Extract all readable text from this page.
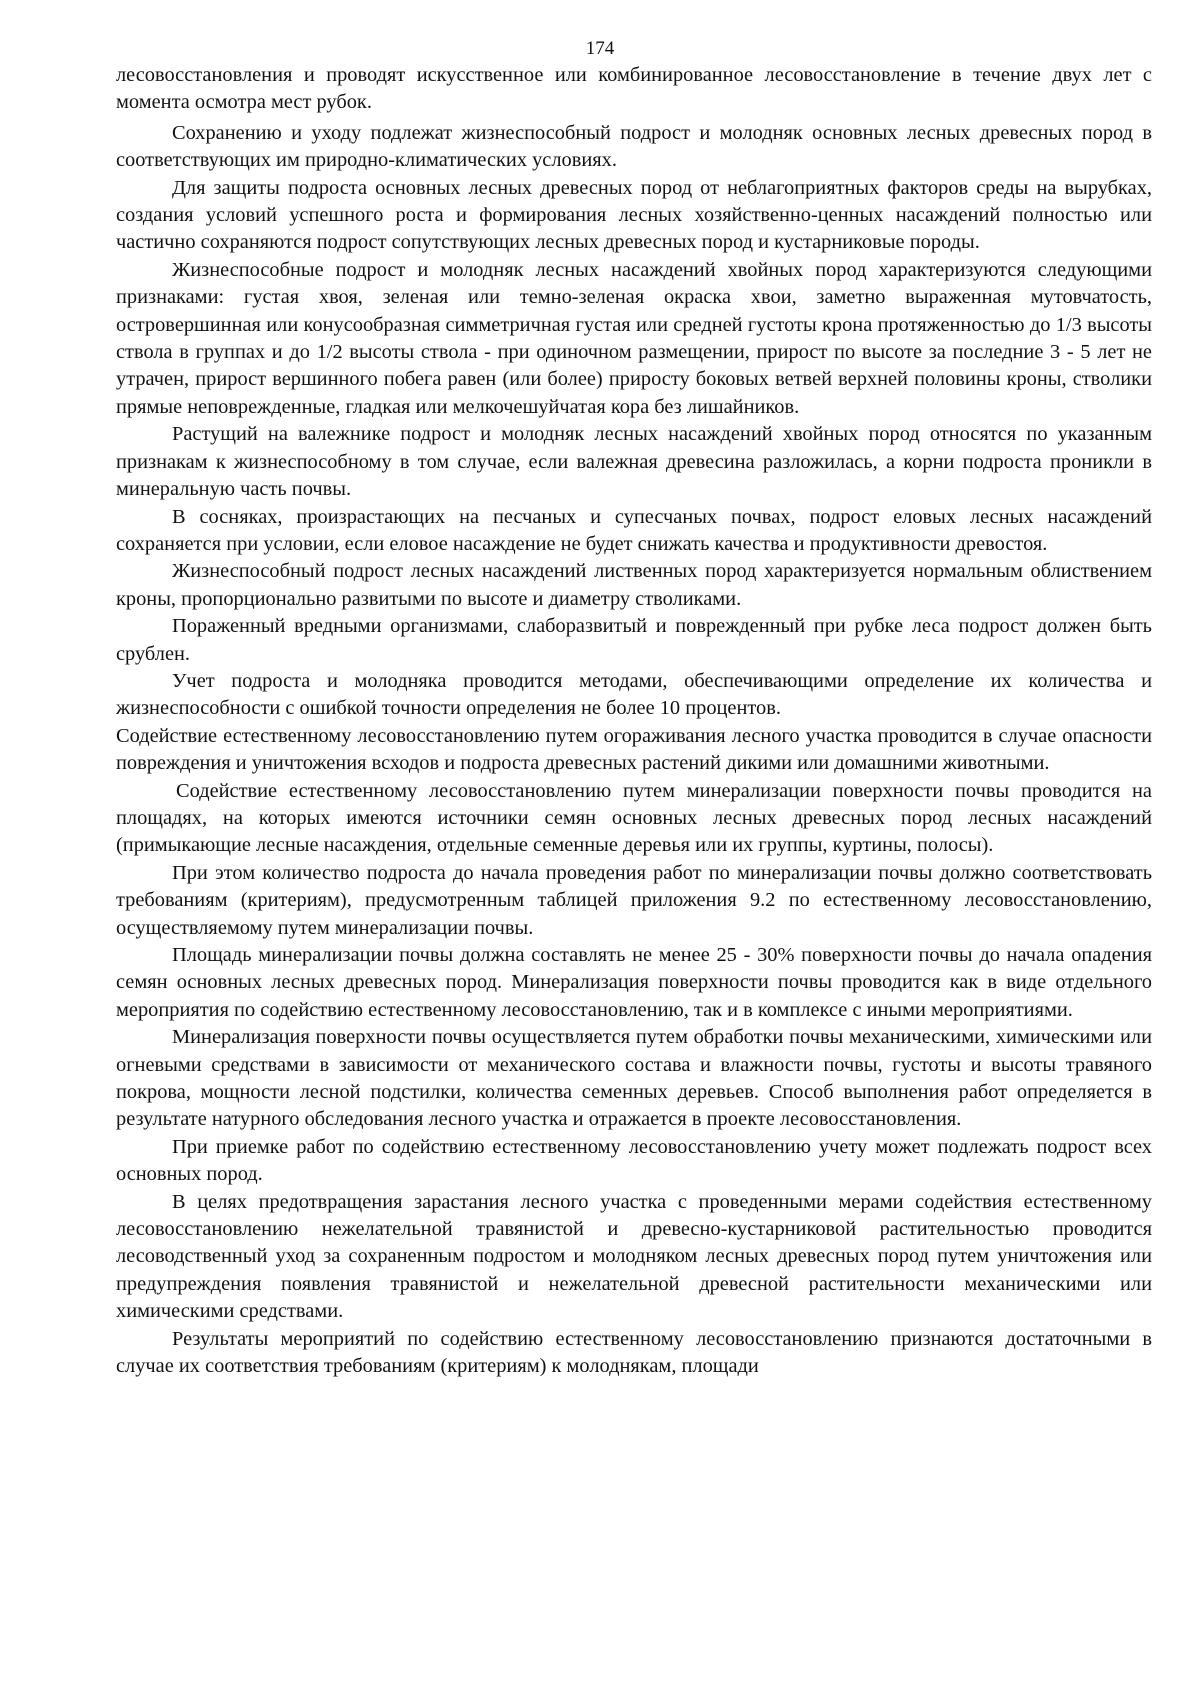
174

лесовосстановления и проводят искусственное или комбинированное лесовосстановление в течение двух лет с момента осмотра мест рубок.

Сохранению и уходу подлежат жизнеспособный подрост и молодняк основных лесных древесных пород в соответствующих им природно-климатических условиях.

Для защиты подроста основных лесных древесных пород от неблагоприятных факторов среды на вырубках, создания условий успешного роста и формирования лесных хозяйственно-ценных насаждений полностью или частично сохраняются подрост сопутствующих лесных древесных пород и кустарниковые породы.

Жизнеспособные подрост и молодняк лесных насаждений хвойных пород характеризуются следующими признаками: густая хвоя, зеленая или темно-зеленая окраска хвои, заметно выраженная мутовчатость, островершинная или конусообразная симметричная густая или средней густоты крона протяженностью до 1/3 высоты ствола в группах и до 1/2 высоты ствола - при одиночном размещении, прирост по высоте за последние 3 - 5 лет не утрачен, прирост вершинного побега равен (или более) приросту боковых ветвей верхней половины кроны, стволики прямые неповрежденные, гладкая или мелкочешуйчатая кора без лишайников.

Растущий на валежнике подрост и молодняк лесных насаждений хвойных пород относятся по указанным признакам к жизнеспособному в том случае, если валежная древесина разложилась, а корни подроста проникли в минеральную часть почвы.

В сосняках, произрастающих на песчаных и супесчаных почвах, подрост еловых лесных насаждений сохраняется при условии, если еловое насаждение не будет снижать качества и продуктивности древостоя.

Жизнеспособный подрост лесных насаждений лиственных пород характеризуется нормальным облиствением кроны, пропорционально развитыми по высоте и диаметру стволиками.

Пораженный вредными организмами, слаборазвитый и поврежденный при рубке леса подрост должен быть срублен.

Учет подроста и молодняка проводится методами, обеспечивающими определение их количества и жизнеспособности с ошибкой точности определения не более 10 процентов.

Содействие естественному лесовосстановлению путем огораживания лесного участка проводится в случае опасности повреждения и уничтожения всходов и подроста древесных растений дикими или домашними животными.

Содействие естественному лесовосстановлению путем минерализации поверхности почвы проводится на площадях, на которых имеются источники семян основных лесных древесных пород лесных насаждений (примыкающие лесные насаждения, отдельные семенные деревья или их группы, куртины, полосы).

При этом количество подроста до начала проведения работ по минерализации почвы должно соответствовать требованиям (критериям), предусмотренным таблицей приложения 9.2 по естественному лесовосстановлению, осуществляемому путем минерализации почвы.

Площадь минерализации почвы должна составлять не менее 25 - 30% поверхности почвы до начала опадения семян основных лесных древесных пород. Минерализация поверхности почвы проводится как в виде отдельного мероприятия по содействию естественному лесовосстановлению, так и в комплексе с иными мероприятиями.

Минерализация поверхности почвы осуществляется путем обработки почвы механическими, химическими или огневыми средствами в зависимости от механического состава и влажности почвы, густоты и высоты травяного покрова, мощности лесной подстилки, количества семенных деревьев. Способ выполнения работ определяется в результате натурного обследования лесного участка и отражается в проекте лесовосстановления.

При приемке работ по содействию естественному лесовосстановлению учету может подлежать подрост всех основных пород.

В целях предотвращения зарастания лесного участка с проведенными мерами содействия естественному лесовосстановлению нежелательной травянистой и древесно-кустарниковой растительностью проводится лесоводственный уход за сохраненным подростом и молодняком лесных древесных пород путем уничтожения или предупреждения появления травянистой и нежелательной древесной растительности механическими или химическими средствами.

Результаты мероприятий по содействию естественному лесовосстановлению признаются достаточными в случае их соответствия требованиям (критериям) к молоднякам, площади
